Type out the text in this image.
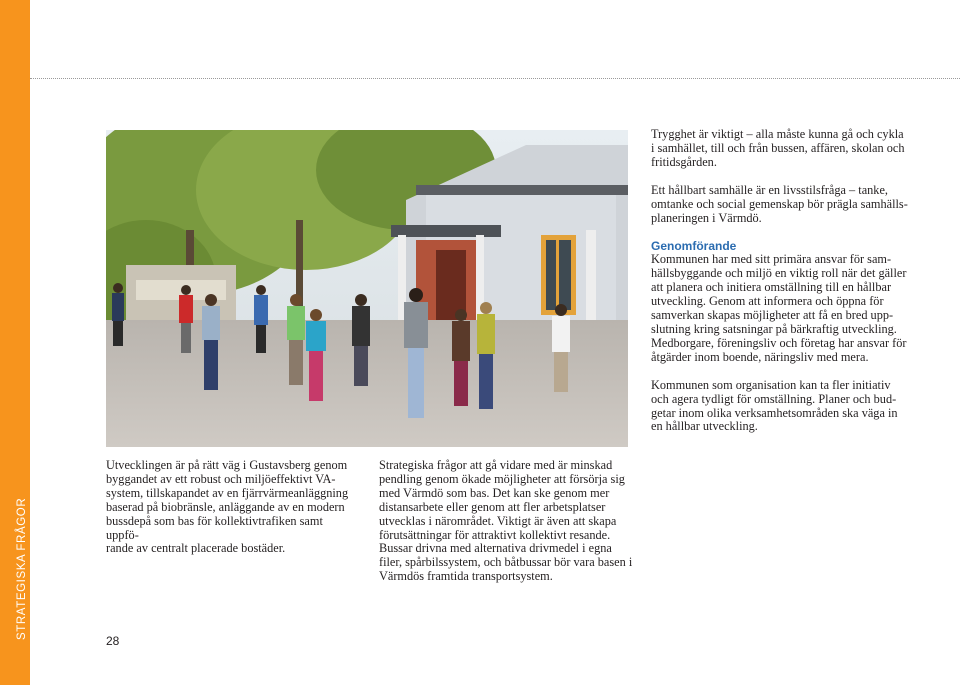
STRATEGISKA FRÅGOR

Trygghet är viktigt – alla måste kunna gå och cykla
i samhället, till och från bussen, affären, skolan och
fritidsgården.

Ett hållbart samhälle är en livsstilsfråga – tanke,
omtanke och social gemenskap bör prägla samhälls-
planeringen i Värmdö.

Genomförande

Kommunen har med sitt primära ansvar för sam-
hällsbyggande och miljö en viktig roll när det gäller
att planera och initiera omställning till en hållbar
utveckling. Genom att informera och öppna för
samverkan skapas möjligheter att få en bred upp-
slutning kring satsningar på bärkraftig utveckling.
Medborgare, föreningsliv och företag har ansvar för
åtgärder inom boende, näringsliv med mera.

Kommunen som organisation kan ta fler initiativ
och agera tydligt för omställning. Planer och bud-
getar inom olika verksamhetsområden ska väga in
en hållbar utveckling.

Utvecklingen är på rätt väg i Gustavsberg genom
byggandet av ett robust och miljöeffektivt VA-
system, tillskapandet av en fjärrvärmeanläggning
baserad på biobränsle, anläggande av en modern
bussdepå som bas för kollektivtrafiken samt uppfö-
rande av centralt placerade bostäder.

Strategiska frågor att gå vidare med är minskad
pendling genom ökade möjligheter att försörja sig
med Värmdö som bas. Det kan ske genom mer
distansarbete eller genom att fler arbetsplatser
utvecklas i närområdet. Viktigt är även att skapa
förutsättningar för attraktivt kollektivt resande.
Bussar drivna med alternativa drivmedel i egna
filer, spårbilssystem, och båtbussar bör vara basen i
Värmdös framtida transportsystem.

28
